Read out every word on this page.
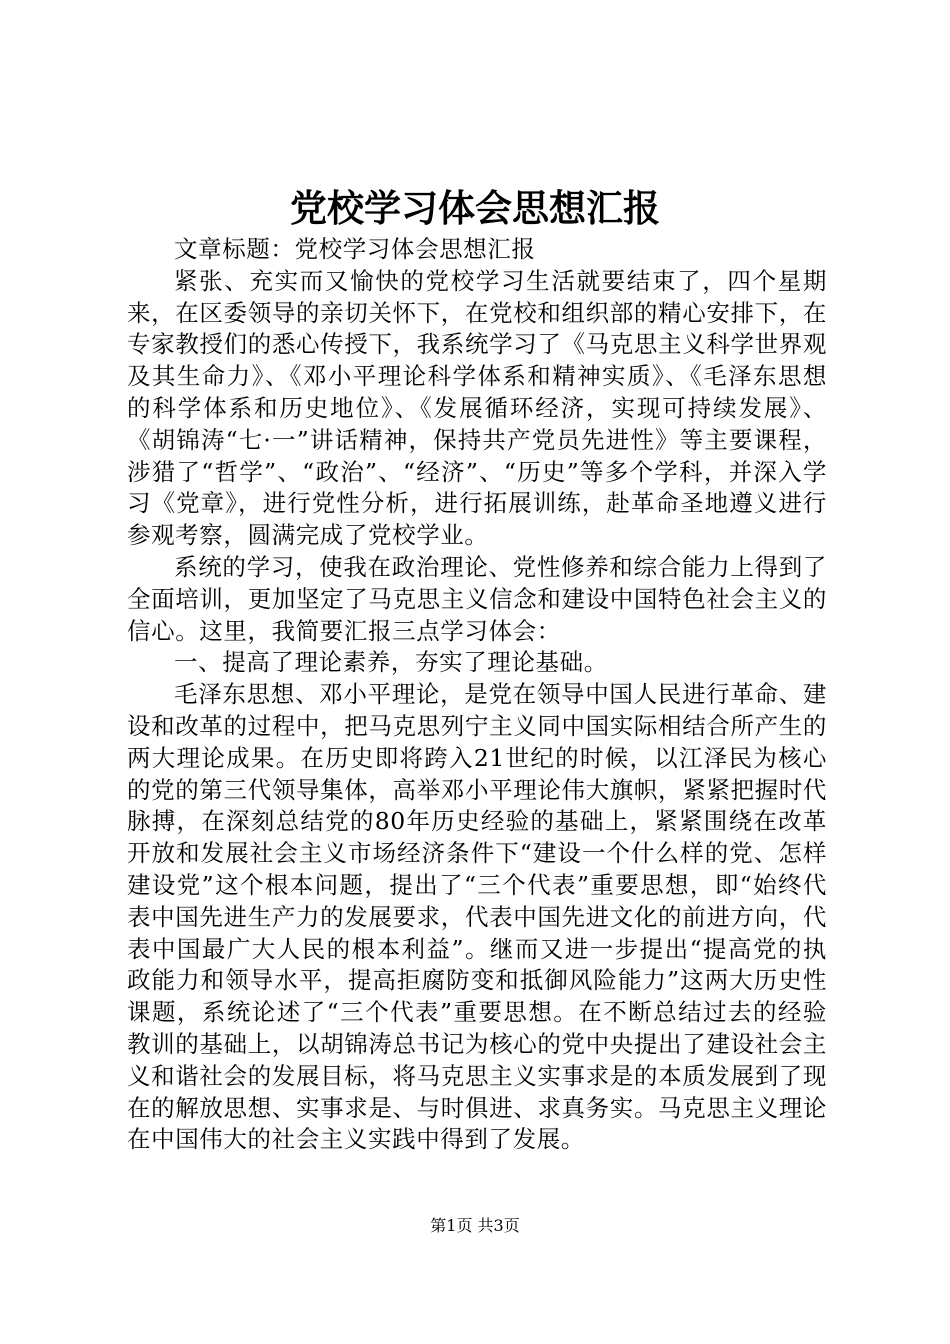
党校学习体会思想汇报

文章标题：党校学习体会思想汇报

紧张、充实而又愉快的党校学习生活就要结束了，四个星期来，在区委领导的亲切关怀下，在党校和组织部的精心安排下，在专家教授们的悉心传授下，我系统学习了《马克思主义科学世界观及其生命力》、《邓小平理论科学体系和精神实质》、《毛泽东思想的科学体系和历史地位》、《发展循环经济，实现可持续发展》、《胡锦涛“七·一”讲话精神，保持共产党员先进性》等主要课程，涉猎了“哲学”、“政治”、“经济”、“历史”等多个学科，并深入学习《党章》，进行党性分析，进行拓展训练，赴革命圣地遵义进行参观考察，圆满完成了党校学业。

系统的学习，使我在政治理论、党性修养和综合能力上得到了全面培训，更加坚定了马克思主义信念和建设中国特色社会主义的信心。这里，我简要汇报三点学习体会：

一、提高了理论素养，夯实了理论基础。

毛泽东思想、邓小平理论，是党在领导中国人民进行革命、建设和改革的过程中，把马克思列宁主义同中国实际相结合所产生的两大理论成果。在历史即将跨入21世纪的时候，以江泽民为核心的党的第三代领导集体，高举邓小平理论伟大旗帜，紧紧把握时代脉搏，在深刻总结党的80年历史经验的基础上，紧紧围绕在改革开放和发展社会主义市场经济条件下“建设一个什么样的党、怎样建设党”这个根本问题，提出了“三个代表”重要思想，即“始终代表中国先进生产力的发展要求，代表中国先进文化的前进方向，代表中国最广大人民的根本利益”。继而又进一步提出“提高党的执政能力和领导水平，提高拒腐防变和抵御风险能力”这两大历史性课题，系统论述了“三个代表”重要思想。在不断总结过去的经验教训的基础上，以胡锦涛总书记为核心的党中央提出了建设社会主义和谐社会的发展目标，将马克思主义实事求是的本质发展到了现在的解放思想、实事求是、与时俱进、求真务实。马克思主义理论在中国伟大的社会主义实践中得到了发展。

第1页 共3页
